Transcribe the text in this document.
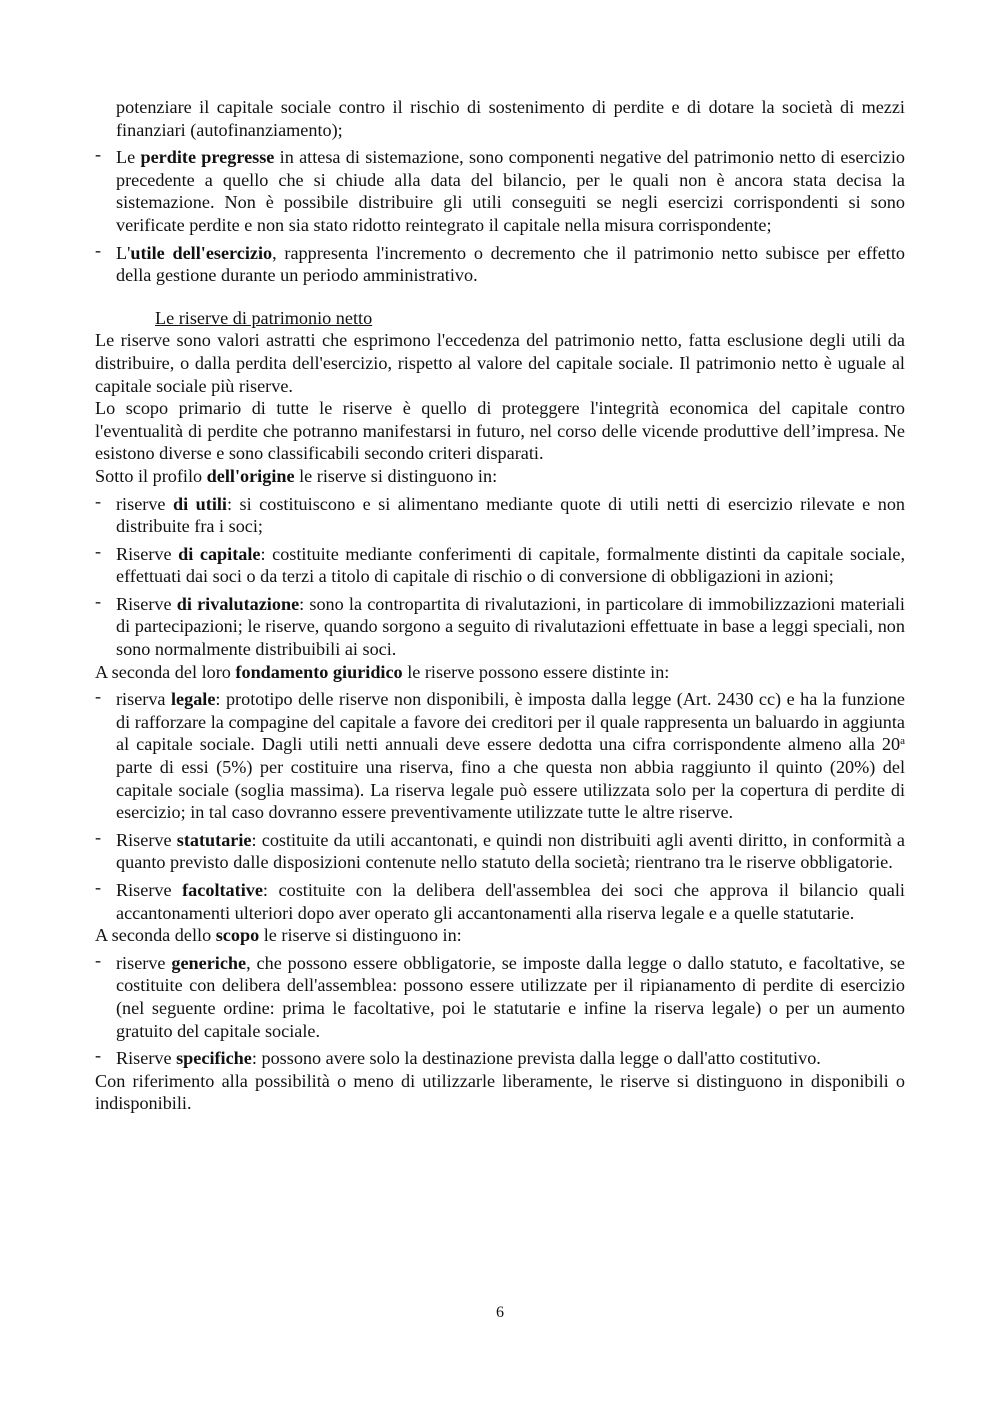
potenziare il capitale sociale contro il rischio di sostenimento di perdite e di dotare la società di mezzi finanziari (autofinanziamento);

- Le perdite pregresse in attesa di sistemazione, sono componenti negative del patrimonio netto di esercizio precedente a quello che si chiude alla data del bilancio, per le quali non è ancora stata decisa la sistemazione. Non è possibile distribuire gli utili conseguiti se negli esercizi corrispondenti si sono verificate perdite e non sia stato ridotto reintegrato il capitale nella misura corrispondente;

- L'utile dell'esercizio, rappresenta l'incremento o decremento che il patrimonio netto subisce per effetto della gestione durante un periodo amministrativo.

Le riserve di patrimonio netto

Le riserve sono valori astratti che esprimono l'eccedenza del patrimonio netto, fatta esclusione degli utili da distribuire, o dalla perdita dell'esercizio, rispetto al valore del capitale sociale. Il patrimonio netto è uguale al capitale sociale più riserve.

Lo scopo primario di tutte le riserve è quello di proteggere l'integrità economica del capitale contro l'eventualità di perdite che potranno manifestarsi in futuro, nel corso delle vicende produttive dell’impresa. Ne esistono diverse e sono classificabili secondo criteri disparati.

Sotto il profilo dell'origine le riserve si distinguono in:

- riserve di utili: si costituiscono e si alimentano mediante quote di utili netti di esercizio rilevate e non distribuite fra i soci;

- Riserve di capitale: costituite mediante conferimenti di capitale, formalmente distinti da capitale sociale, effettuati dai soci o da terzi a titolo di capitale di rischio o di conversione di obbligazioni in azioni;

- Riserve di rivalutazione: sono la contropartita di rivalutazioni, in particolare di immobilizzazioni materiali di partecipazioni; le riserve, quando sorgono a seguito di rivalutazioni effettuate in base a leggi speciali, non sono normalmente distribuibili ai soci.

A seconda del loro fondamento giuridico le riserve possono essere distinte in:

- riserva legale: prototipo delle riserve non disponibili, è imposta dalla legge (Art. 2430 cc) e ha la funzione di rafforzare la compagine del capitale a favore dei creditori per il quale rappresenta un baluardo in aggiunta al capitale sociale. Dagli utili netti annuali deve essere dedotta una cifra corrispondente almeno alla 20$^a$ parte di essi (5%) per costituire una riserva, fino a che questa non abbia raggiunto il quinto (20%) del capitale sociale (soglia massima). La riserva legale può essere utilizzata solo per la copertura di perdite di esercizio; in tal caso dovranno essere preventivamente utilizzate tutte le altre riserve.

- Riserve statutarie: costituite da utili accantonati, e quindi non distribuiti agli aventi diritto, in conformità a quanto previsto dalle disposizioni contenute nello statuto della società; rientrano tra le riserve obbligatorie.

- Riserve facoltative: costituite con la delibera dell'assemblea dei soci che approva il bilancio quali accantonamenti ulteriori dopo aver operato gli accantonamenti alla riserva legale e a quelle statutarie.

A seconda dello scopo le riserve si distinguono in:

- riserve generiche, che possono essere obbligatorie, se imposte dalla legge o dallo statuto, e facoltative, se costituite con delibera dell'assemblea: possono essere utilizzate per il ripianamento di perdite di esercizio (nel seguente ordine: prima le facoltative, poi le statutarie e infine la riserva legale) o per un aumento gratuito del capitale sociale.

- Riserve specifiche: possono avere solo la destinazione prevista dalla legge o dall'atto costitutivo.

Con riferimento alla possibilità o meno di utilizzarle liberamente, le riserve si distinguono in disponibili o indisponibili.

6
